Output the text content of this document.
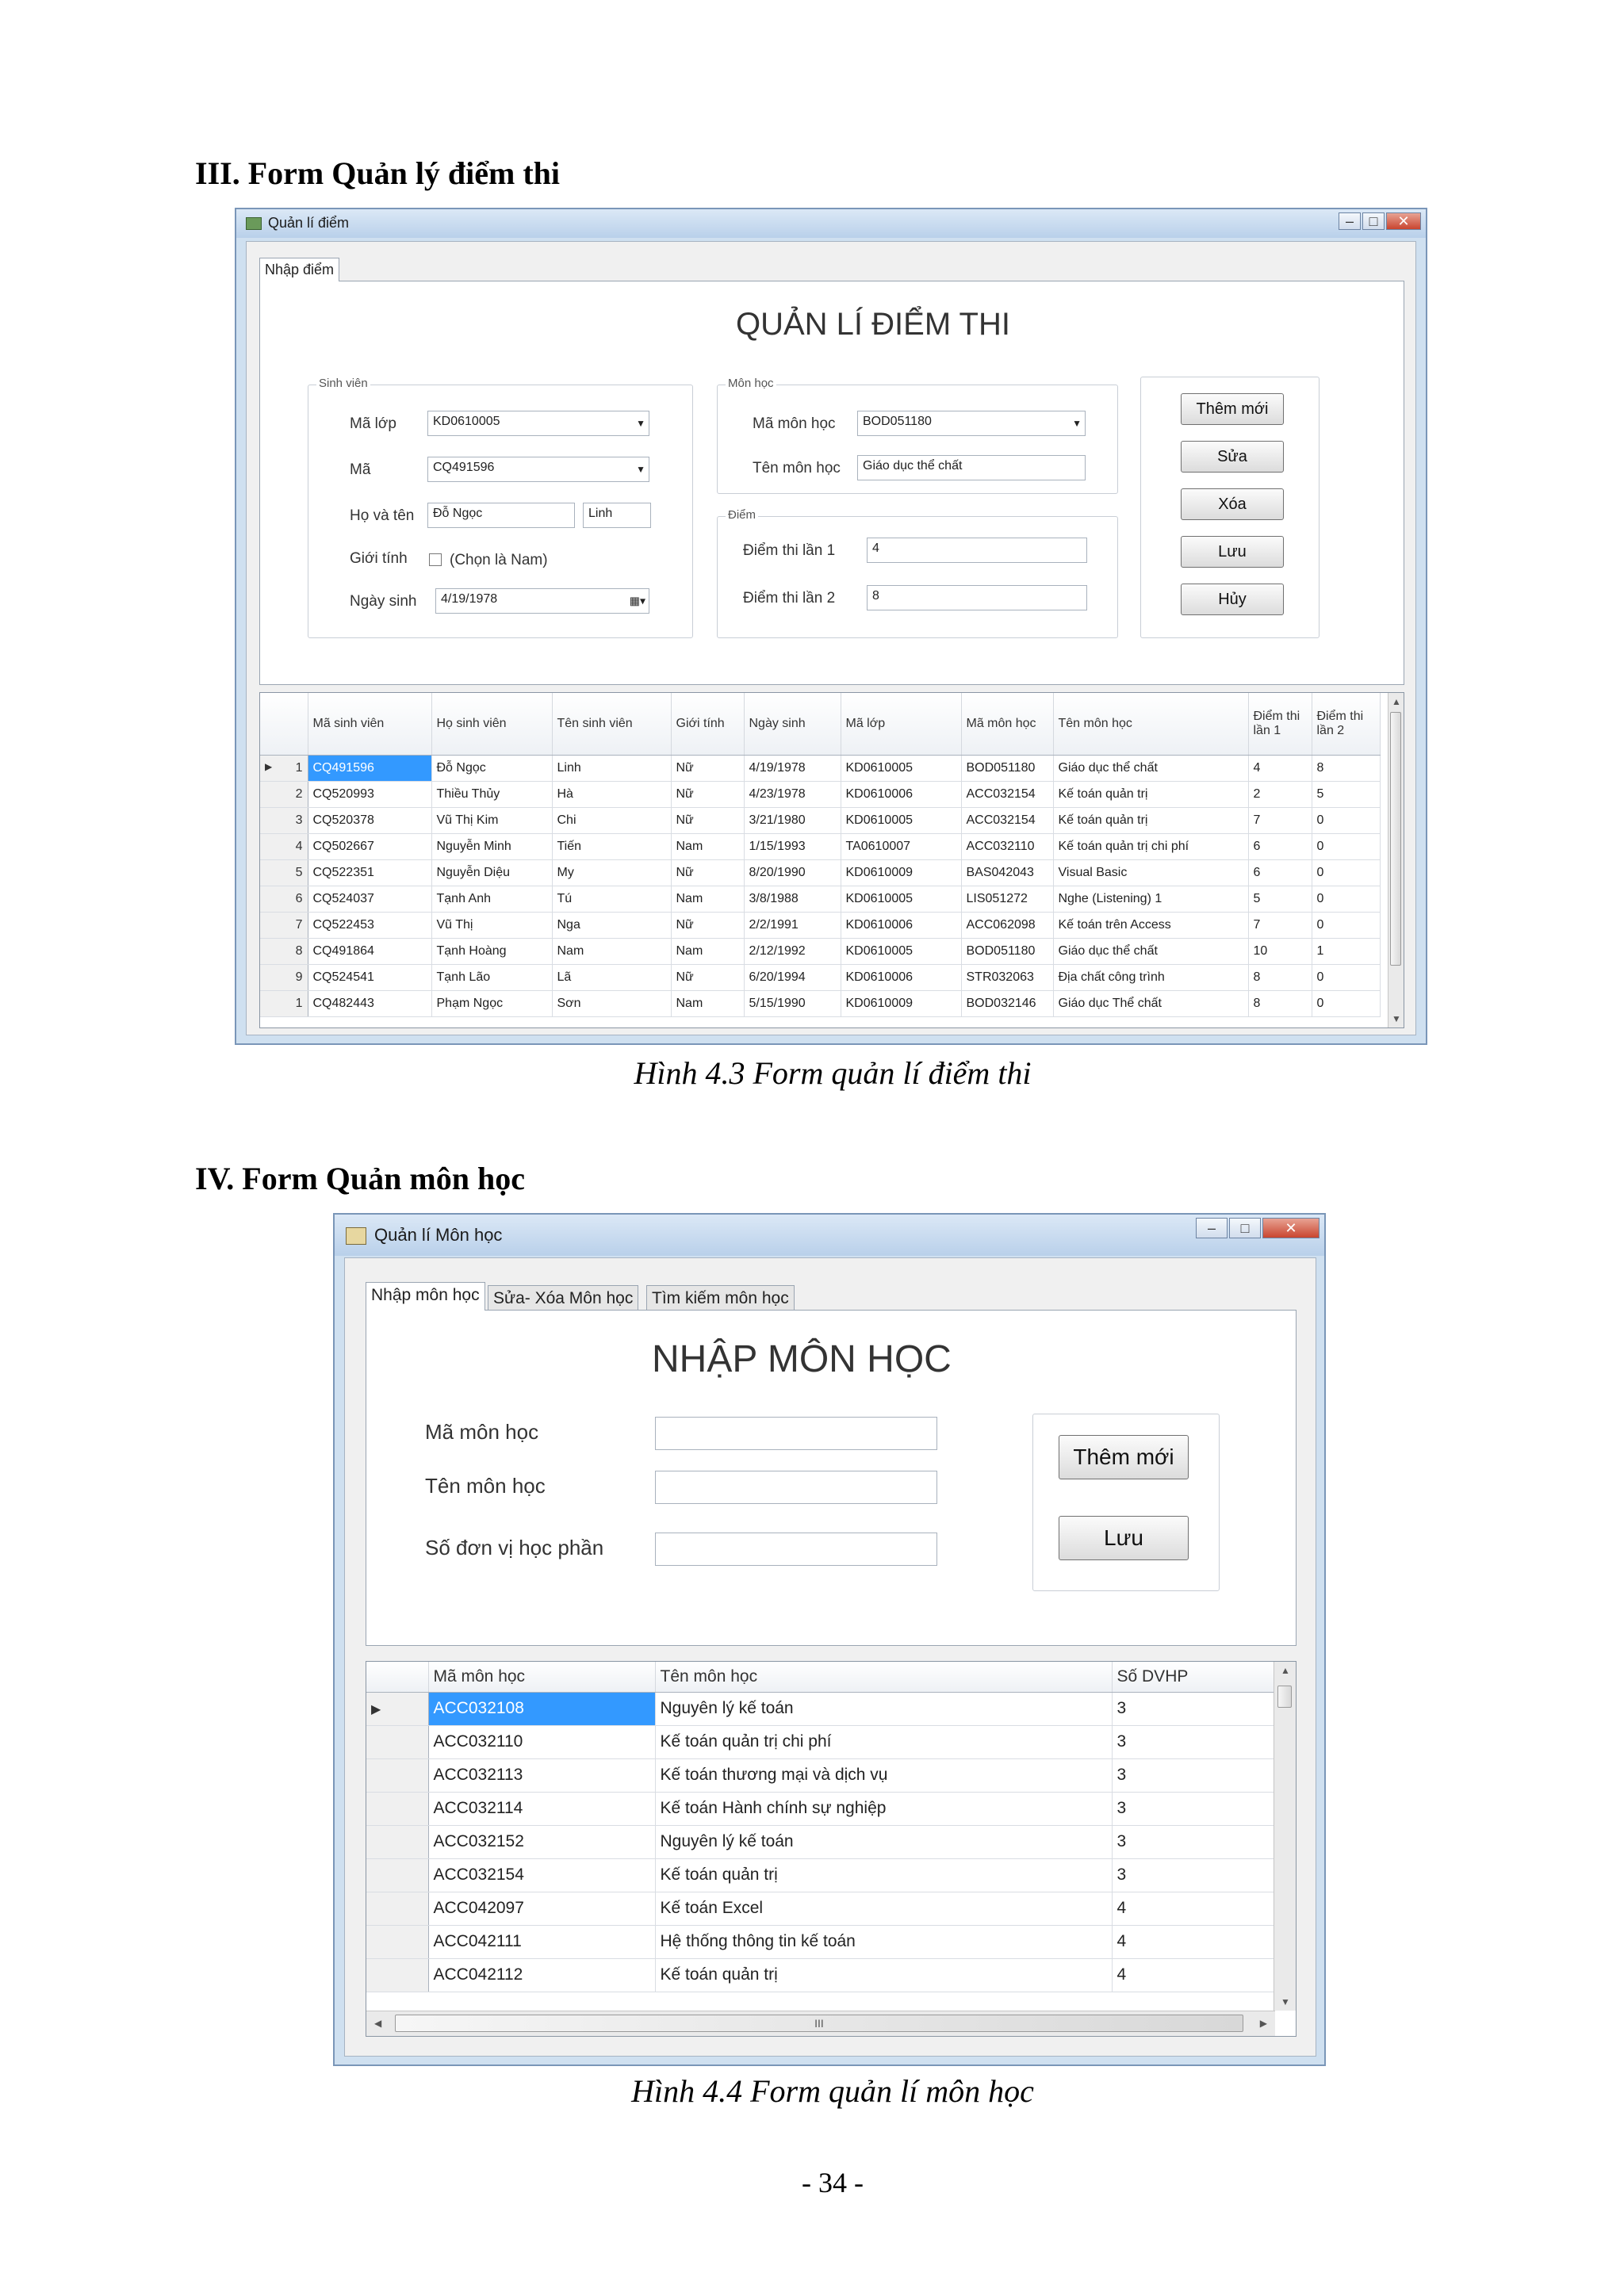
III. Form Quản lý điểm thi
Quản lí điểm	–	□	✕
Nhập điểm
QUẢN LÍ ĐIỂM THI
Sinh viên
Mã lớp	KD0610005	▼
Mã	CQ491596	▼
Họ và tên	Đỗ Ngọc	Linh
Giới tính	(Chọn là Nam)
Ngày sinh	4/19/1978	▦▾
Môn học
Mã môn học	BOD051180	▼
Tên môn học	Giáo dục thể chất
Điểm
Điểm thi lần 1	4
Điểm thi lần 2	8
Thêm mới
Sửa
Xóa
Lưu
Hủy
	Mã sinh viên	Họ sinh viên	Tên sinh viên	Giới tính	Ngày sinh	Mã lớp	Mã môn học	Tên môn học	Điểm thi lần 1	Điểm thi lần 2

▶ 1	CQ491596	Đỗ Ngọc	Linh	Nữ	4/19/1978	KD0610005	BOD051180	Giáo dục thể chất	4	8
2	CQ520993	Thiều Thủy	Hà	Nữ	4/23/1978	KD0610006	ACC032154	Kế toán quản trị	2	5
3	CQ520378	Vũ Thị Kim	Chi	Nữ	3/21/1980	KD0610005	ACC032154	Kế toán quản trị	7	0
4	CQ502667	Nguyễn Minh	Tiến	Nam	1/15/1993	TA0610007	ACC032110	Kế toán quản trị chi phí	6	0
5	CQ522351	Nguyễn Diệu	My	Nữ	8/20/1990	KD0610009	BAS042043	Visual Basic	6	0
6	CQ524037	Tạnh Anh	Tú	Nam	3/8/1988	KD0610005	LIS051272	Nghe (Listening) 1	5	0
7	CQ522453	Vũ Thị	Nga	Nữ	2/2/1991	KD0610006	ACC062098	Kế toán trên Access	7	0
8	CQ491864	Tạnh Hoàng	Nam	Nam	2/12/1992	KD0610005	BOD051180	Giáo dục thể chất	10	1
9	CQ524541	Tạnh Lão	Lã	Nữ	6/20/1994	KD0610006	STR032063	Địa chất công trình	8	0
1	CQ482443	Phạm Ngọc	Sơn	Nam	5/15/1990	KD0610009	BOD032146	Giáo dục Thể chất	8	0
▲
▼
Hình 4.3 Form quản lí điểm thi
IV. Form Quản môn học
Quản lí Môn học	–	□	✕
Nhập môn học Sửa- Xóa Môn học	Tìm kiếm môn học
NHẬP MÔN HỌC
Mã môn học
Tên môn học
Số đơn vị học phần
Thêm mới
Lưu
	Mã môn học	Tên môn học	Số DVHP
▶	ACC032108	Nguyên lý kế toán	3
	ACC032110	Kế toán quản trị chi phí	3
	ACC032113	Kế toán thương mại và dịch vụ	3
	ACC032114	Kế toán Hành chính sự nghiệp	3
	ACC032152	Nguyên lý kế toán	3
	ACC032154	Kế toán quản trị	3
	ACC042097	Kế toán Excel	4
	ACC042111	Hệ thống thông tin kế toán	4
	ACC042112	Kế toán quản trị	4
▲
▼
◀	III	▶
Hình 4.4 Form quản lí môn học
- 34 -
